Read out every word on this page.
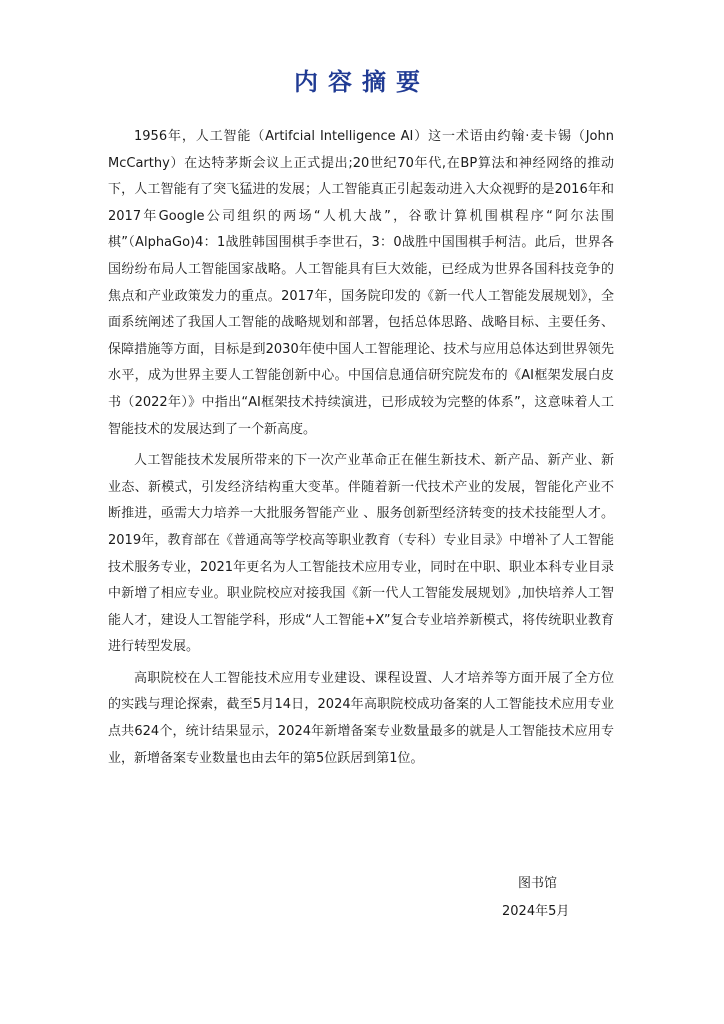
内容摘要

1956年，人工智能（Artifcial Intelligence AI）这一术语由约翰·麦卡锡（John McCarthy）在达特茅斯会议上正式提出;20世纪70年代,在BP算法和神经网络的推动下，人工智能有了突飞猛进的发展；人工智能真正引起轰动进入大众视野的是2016年和2017年Google公司组织的两场“人机大战”，谷歌计算机围棋程序“阿尔法围棋”（AlphaGo)4：1战胜韩国围棋手李世石，3：0战胜中国围棋手柯洁。此后，世界各国纷纷布局人工智能国家战略。人工智能具有巨大效能，已经成为世界各国科技竞争的焦点和产业政策发力的重点。2017年，国务院印发的《新一代人工智能发展规划》，全面系统阐述了我国人工智能的战略规划和部署，包括总体思路、战略目标、主要任务、保障措施等方面，目标是到2030年使中国人工智能理论、技术与应用总体达到世界领先水平，成为世界主要人工智能创新中心。中国信息通信研究院发布的《AI框架发展白皮书（2022年）》中指出“AI框架技术持续演进，已形成较为完整的体系”，这意味着人工智能技术的发展达到了一个新高度。

人工智能技术发展所带来的下一次产业革命正在催生新技术、新产品、新产业、新业态、新模式，引发经济结构重大变革。伴随着新一代技术产业的发展，智能化产业不断推进，亟需大力培养一大批服务智能产业 、服务创新型经济转变的技术技能型人才。2019年，教育部在《普通高等学校高等职业教育（专科）专业目录》中增补了人工智能技术服务专业，2021年更名为人工智能技术应用专业，同时在中职、职业本科专业目录中新增了相应专业。职业院校应对接我国《新一代人工智能发展规划》,加快培养人工智能人才，建设人工智能学科，形成“人工智能+X”复合专业培养新模式，将传统职业教育进行转型发展。

高职院校在人工智能技术应用专业建设、课程设置、人才培养等方面开展了全方位的实践与理论探索，截至5月14日，2024年高职院校成功备案的人工智能技术应用专业点共624个，统计结果显示，2024年新增备案专业数量最多的就是人工智能技术应用专业，新增备案专业数量也由去年的第5位跃居到第1位。

图书馆
2024年5月
